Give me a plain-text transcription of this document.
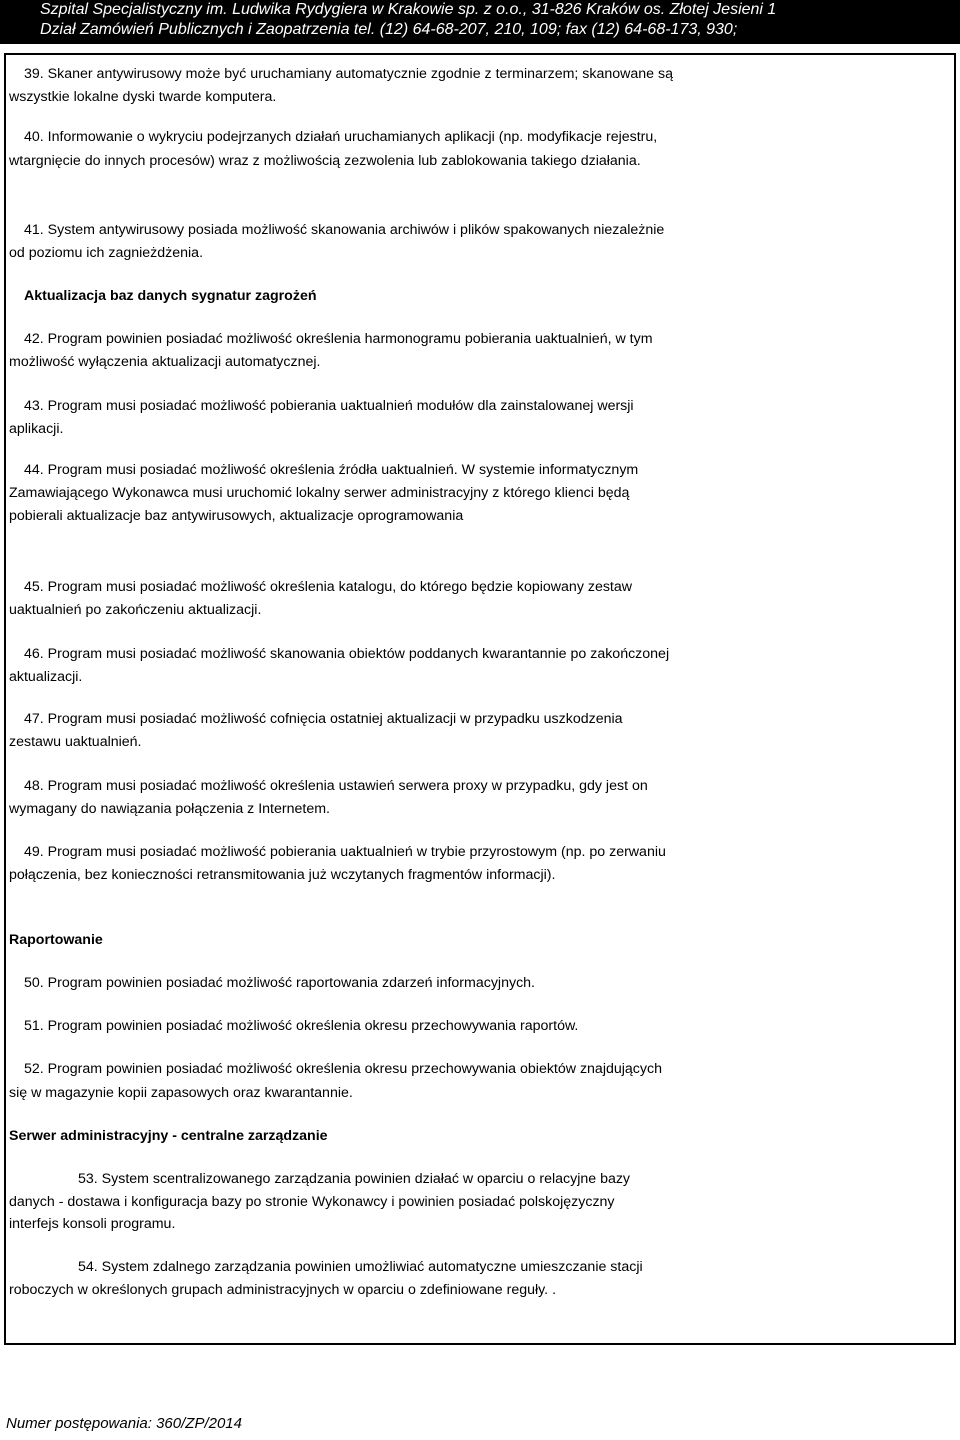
Szpital Specjalistyczny im. Ludwika Rydygiera w Krakowie sp. z o.o., 31-826 Kraków os. Złotej Jesieni 1
Dział Zamówień Publicznych i Zaopatrzenia tel. (12) 64-68-207, 210, 109; fax (12) 64-68-173, 930;
39. Skaner antywirusowy może być uruchamiany automatycznie zgodnie z terminarzem; skanowane są
wszystkie lokalne dyski twarde komputera.
40. Informowanie o wykryciu podejrzanych działań uruchamianych aplikacji (np. modyfikacje rejestru,
wtargnięcie do innych procesów) wraz z możliwością zezwolenia lub zablokowania takiego działania.
41. System antywirusowy posiada możliwość skanowania archiwów i plików spakowanych niezależnie
od poziomu ich zagnieżdżenia.
Aktualizacja baz danych sygnatur zagrożeń
42. Program powinien posiadać możliwość określenia harmonogramu pobierania uaktualnień, w tym
możliwość wyłączenia aktualizacji automatycznej.
43. Program musi posiadać możliwość pobierania uaktualnień modułów dla zainstalowanej wersji
aplikacji.
44. Program musi posiadać możliwość określenia źródła uaktualnień. W systemie informatycznym
Zamawiającego Wykonawca musi uruchomić lokalny serwer administracyjny z którego klienci będą
pobierali aktualizacje baz antywirusowych, aktualizacje oprogramowania
45. Program musi posiadać możliwość określenia katalogu, do którego będzie kopiowany zestaw
uaktualnień po zakończeniu aktualizacji.
46. Program musi posiadać możliwość skanowania obiektów poddanych kwarantannie po zakończonej
aktualizacji.
47. Program musi posiadać możliwość cofnięcia ostatniej aktualizacji w przypadku uszkodzenia
zestawu uaktualnień.
48. Program musi posiadać możliwość określenia ustawień serwera proxy w przypadku, gdy jest on
wymagany do nawiązania połączenia z Internetem.
49. Program musi posiadać możliwość pobierania uaktualnień w trybie przyrostowym (np. po zerwaniu
połączenia, bez konieczności retransmitowania już wczytanych fragmentów informacji).
Raportowanie
50. Program powinien posiadać możliwość raportowania zdarzeń informacyjnych.
51. Program powinien posiadać możliwość określenia okresu przechowywania raportów.
52. Program powinien posiadać możliwość określenia okresu przechowywania obiektów znajdujących
się w magazynie kopii zapasowych oraz kwarantannie.
Serwer administracyjny - centralne zarządzanie
53. System scentralizowanego zarządzania powinien działać w oparciu o relacyjne bazy
danych - dostawa i konfiguracja bazy po stronie Wykonawcy i powinien posiadać polskojęzyczny
interfejs konsoli programu.
54. System zdalnego zarządzania powinien umożliwiać automatyczne umieszczanie stacji
roboczych w określonych grupach administracyjnych w oparciu o zdefiniowane reguły. .
Numer postępowania: 360/ZP/2014
